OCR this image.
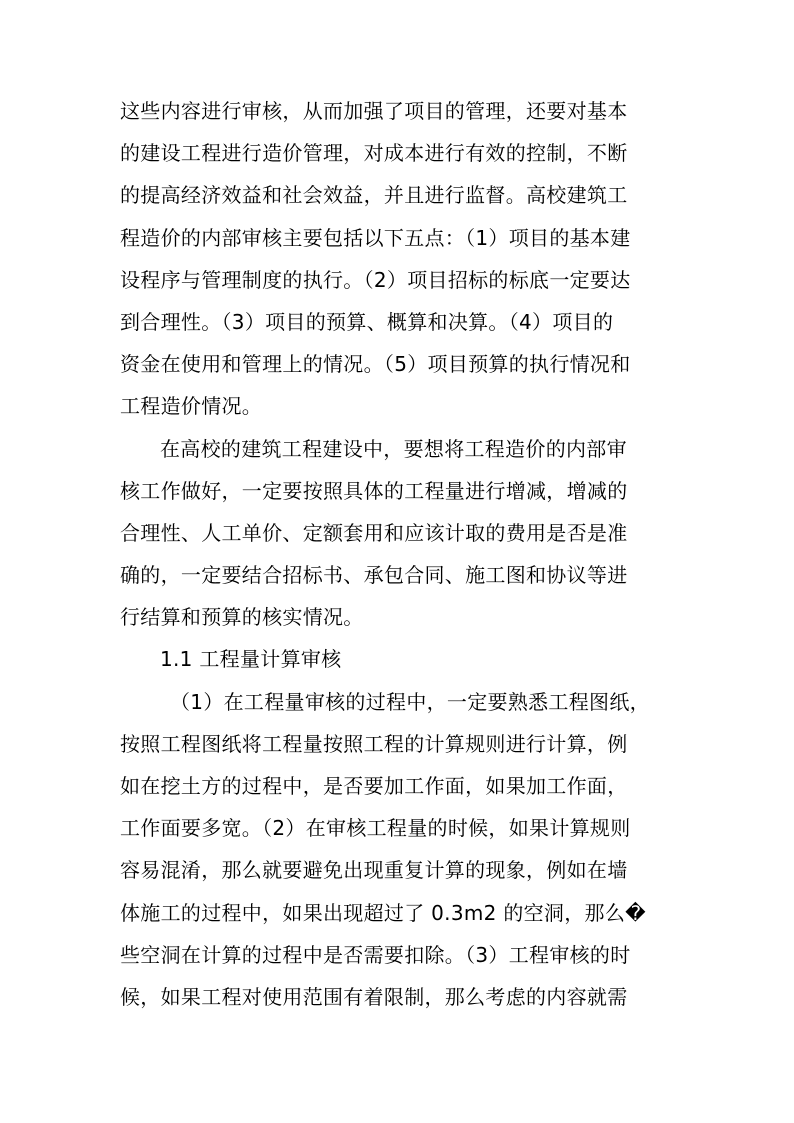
这些内容进行审核，从而加强了项目的管理，还要对基本
的建设工程进行造价管理，对成本进行有效的控制，不断
的提高经济效益和社会效益，并且进行监督。高校建筑工
程造价的内部审核主要包括以下五点：（1）项目的基本建
设程序与管理制度的执行。（2）项目招标的标底一定要达
到合理性。（3）项目的预算、概算和决算。（4）项目的
资金在使用和管理上的情况。（5）项目预算的执行情况和
工程造价情况。
在高校的建筑工程建设中，要想将工程造价的内部审
核工作做好，一定要按照具体的工程量进行增减，增减的
合理性、人工单价、定额套用和应该计取的费用是否是准
确的，一定要结合招标书、承包合同、施工图和协议等进
行结算和预算的核实情况。
1.1 工程量计算审核
（1）在工程量审核的过程中，一定要熟悉工程图纸，
按照工程图纸将工程量按照工程的计算规则进行计算，例
如在挖土方的过程中，是否要加工作面，如果加工作面，
工作面要多宽。（2）在审核工程量的时候，如果计算规则
容易混淆，那么就要避免出现重复计算的现象，例如在墙
体施工的过程中，如果出现超过了 0.3m2 的空洞，那么�
些空洞在计算的过程中是否需要扣除。（3）工程审核的时
候，如果工程对使用范围有着限制，那么考虑的内容就需
